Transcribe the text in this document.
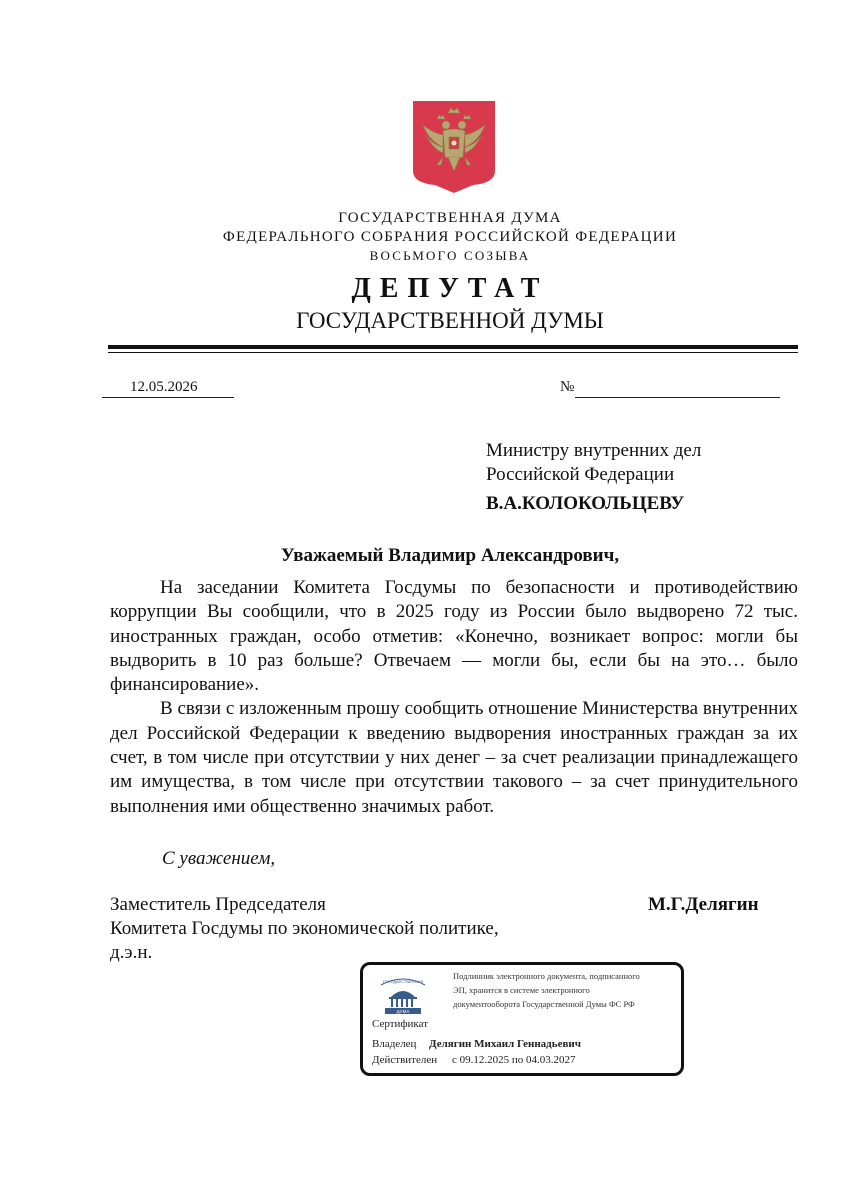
ГОСУДАРСТВЕННАЯ ДУМА
ФЕДЕРАЛЬНОГО СОБРАНИЯ РОССИЙСКОЙ ФЕДЕРАЦИИ
ВОСЬМОГО СОЗЫВА
ДЕПУТАТ
ГОСУДАРСТВЕННОЙ ДУМЫ
12.05.2026	№
Министру внутренних дел
Российской Федерации
В.А.КОЛОКОЛЬЦЕВУ
Уважаемый Владимир Александрович,

На заседании Комитета Госдумы по безопасности и противодействию коррупции Вы сообщили, что в 2025 году из России было выдворено 72 тыс. иностранных граждан, особо отметив: «Конечно, возникает вопрос: могли бы выдворить в 10 раз больше? Отвечаем — могли бы, если бы на это… было финансирование».

В связи с изложенным прошу сообщить отношение Министерства внутренних дел Российской Федерации к введению выдворения иностранных граждан за их счет, в том числе при отсутствии у них денег – за счет реализации принадлежащего им имущества, в том числе при отсутствии такового – за счет принудительного выполнения ими общественно значимых работ.

С уважением,
Заместитель Председателя
Комитета Госдумы по экономической политике,
д.э.н.
М.Г.Делягин
ГОСУДАРСТВЕННАЯ
ДУМА
Подлинник электронного документа, подписанного
ЭП, хранится в системе электронного
документооборота Государственной Думы ФС РФ
Сертификат
Владелец Делягин Михаил Геннадьевич
Действителен с 09.12.2025 по 04.03.2027
